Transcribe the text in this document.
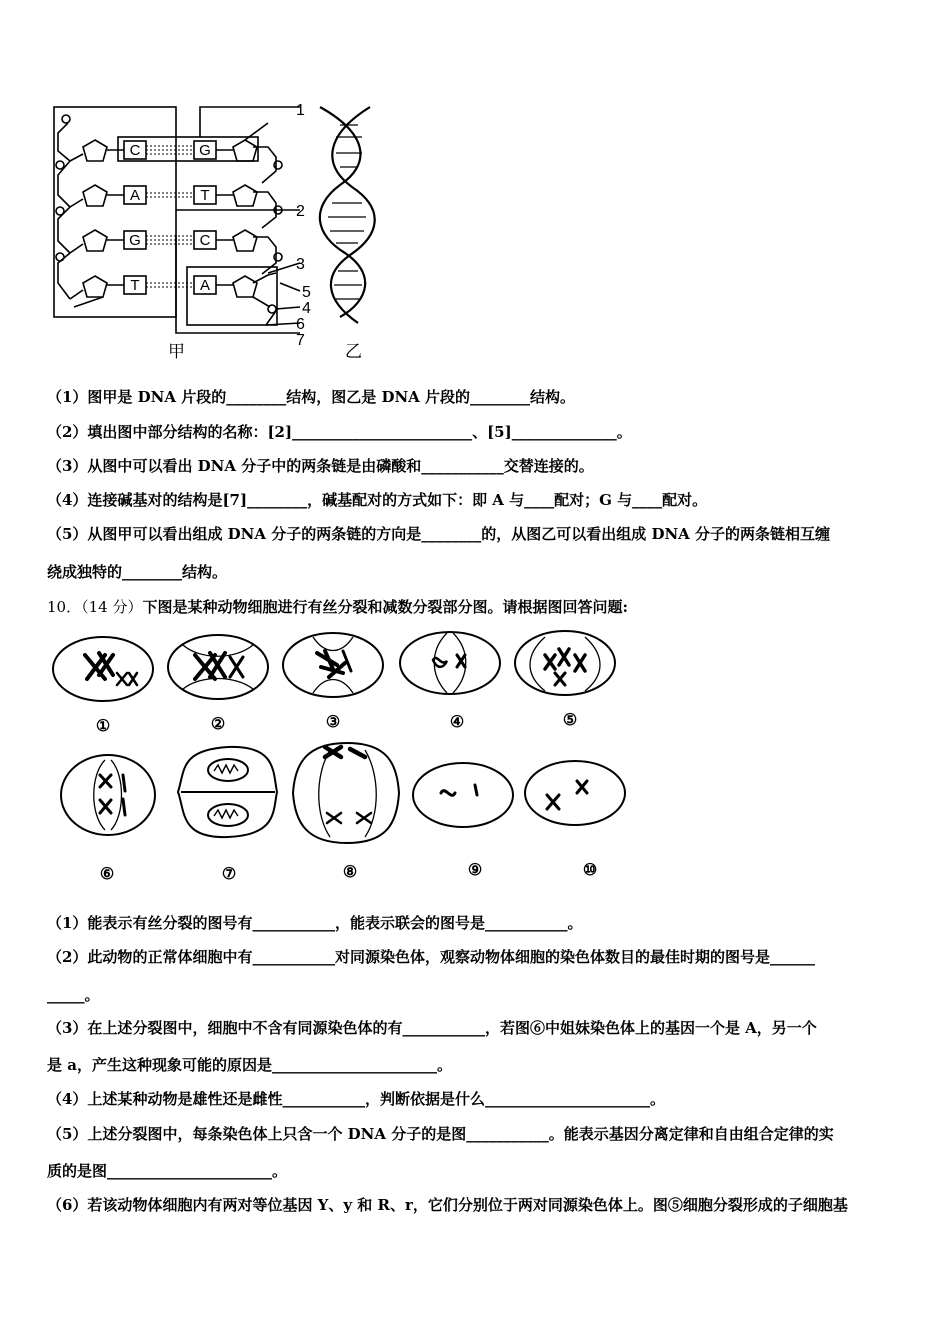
C
A
G
T
G
T
C
A
1
2
3
5
4
6
7
甲	乙
（1）图甲是 DNA 片段的________结构，图乙是 DNA 片段的________结构。
（2）填出图中部分结构的名称：[2]________________________、[5]______________。
（3）从图中可以看出 DNA 分子中的两条链是由磷酸和___________交替连接的。
（4）连接碱基对的结构是[7]________，碱基配对的方式如下：即 A 与____配对；G 与____配对。
（5）从图甲可以看出组成 DNA 分子的两条链的方向是________的，从图乙可以看出组成 DNA 分子的两条链相互缠
绕成独特的________结构。
10．（14 分）下图是某种动物细胞进行有丝分裂和减数分裂部分图。请根据图回答问题:
①	②	③	④	⑤
⑥	⑦	⑧	⑨	⑩
（1）能表示有丝分裂的图号有___________，能表示联会的图号是___________。
（2）此动物的正常体细胞中有___________对同源染色体，观察动物体细胞的染色体数目的最佳时期的图号是______
_____。
（3）在上述分裂图中，细胞中不含有同源染色体的有___________，若图⑥中姐妹染色体上的基因一个是 A，另一个
是 a，产生这种现象可能的原因是______________________。
（4）上述某种动物是雄性还是雌性___________，判断依据是什么______________________。
（5）上述分裂图中，每条染色体上只含一个 DNA 分子的是图___________。能表示基因分离定律和自由组合定律的实
质的是图______________________。
（6）若该动物体细胞内有两对等位基因 Y、y 和 R、r，它们分别位于两对同源染色体上。图⑤细胞分裂形成的子细胞基
